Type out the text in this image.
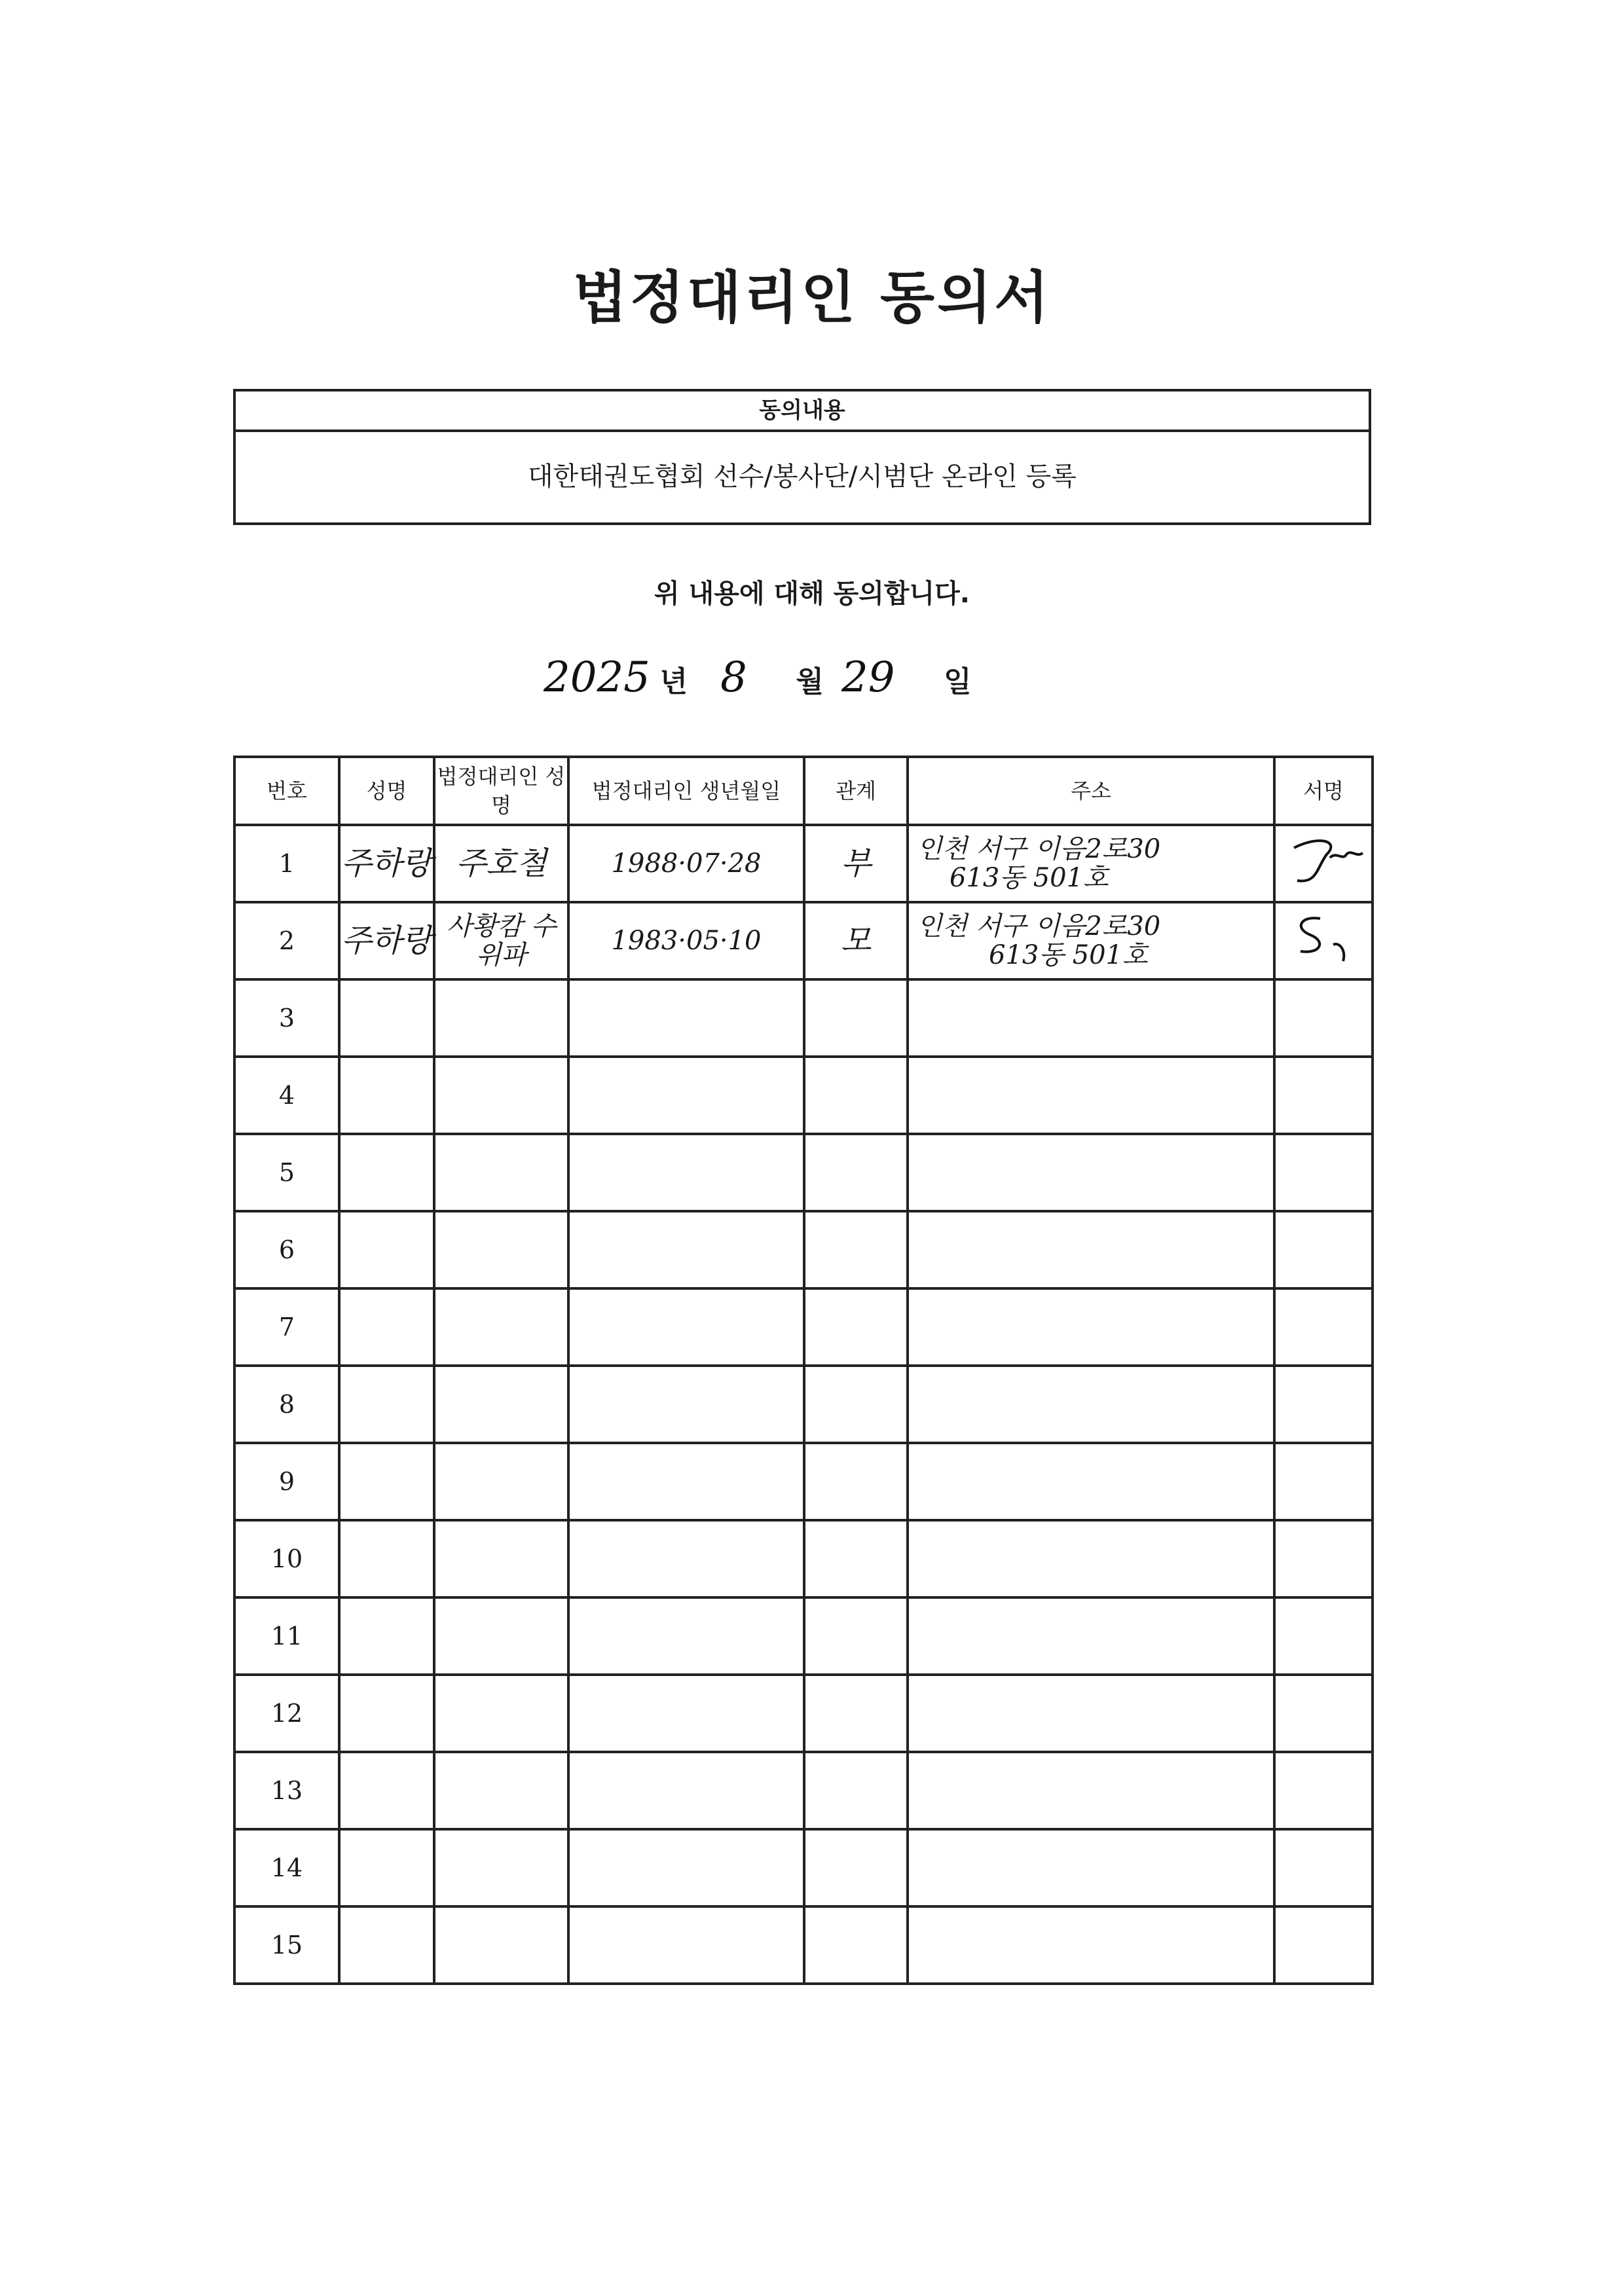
법정대리인 동의서
동의내용
대한태권도협회 선수/봉사단/시범단 온라인 등록
위 내용에 대해 동의합니다.
2025 년 8 월 29 일
번호	성명	법정대리인 성명	법정대리인 생년월일	관계	주소	서명
1	주하랑	주호철	1988·07·28	부	인천 서구 이음2로30
613동 501호

2	주하랑	사황캄 수위파	1983·05·10	모	인천 서구 이음2로30
613동 501호

3						
4						
5						
6						
7						
8						
9						
10						
11						
12						
13						
14						
15						
